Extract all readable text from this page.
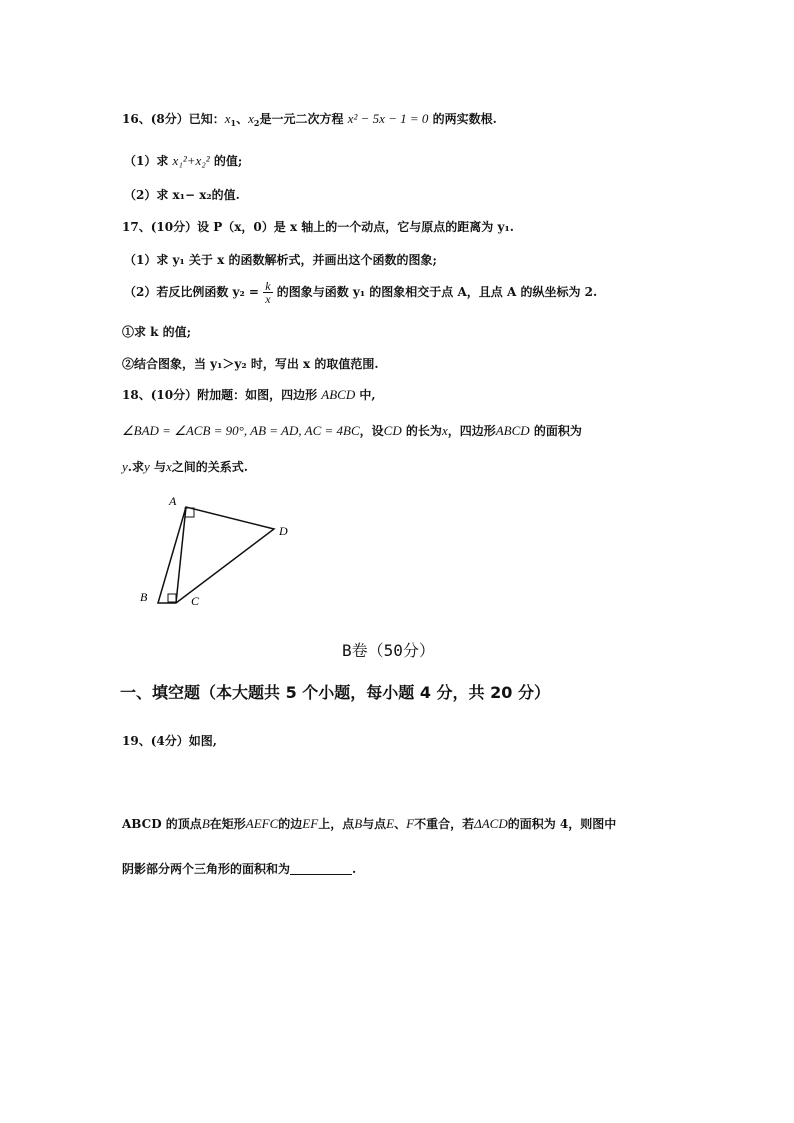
16、(8分）已知：$x_1$、$x_2$是一元二次方程 x² − 5x − 1 = 0 的两实数根.
（1）求 x₁²+x₂² 的值;
（2）求 x₁− x₂的值.
17、(10分）设 P（x，0）是 x 轴上的一个动点，它与原点的距离为 y₁.
（1）求 y₁ 关于 x 的函数解析式，并画出这个函数的图象;
（2）若反比例函数 $y_2 = \frac{k}{x}$ 的图象与函数 y₁ 的图象相交于点 A，且点 A 的纵坐标为 2.
①求 k 的值;
②结合图象，当 y₁＞y₂ 时，写出 x 的取值范围.
18、(10分）附加题：如图，四边形 ABCD 中,
∠BAD = ∠ACB = 90°, AB = AD, AC = 4BC，设CD 的长为x，四边形ABCD 的面积为
y.求y 与x之间的关系式.
A
B	C
D
B卷（50分）
一、填空题（本大题共 5 个小题，每小题 4 分，共 20 分）
19、(4分）如图,
ABCD 的顶点B在矩形AEFC的边EF上，点B与点E、F不重合，若ΔACD的面积为 4，则图中
阴影部分两个三角形的面积和为	.
